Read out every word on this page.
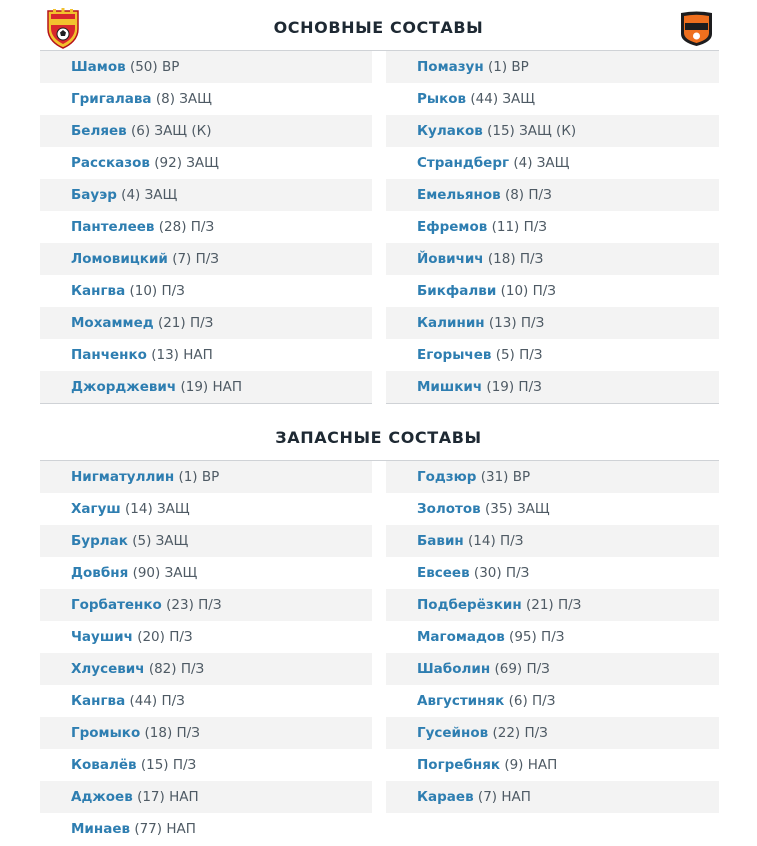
ОСНОВНЫЕ СОСТАВЫ
Шамов (50) ВР
Григалава (8) ЗАЩ
Беляев (6) ЗАЩ (К)
Рассказов (92) ЗАЩ
Бауэр (4) ЗАЩ
Пантелеев (28) П/З
Ломовицкий (7) П/З
Кангва (10) П/З
Мохаммед (21) П/З
Панченко (13) НАП
Джорджевич (19) НАП
Помазун (1) ВР
Рыков (44) ЗАЩ
Кулаков (15) ЗАЩ (К)
Страндберг (4) ЗАЩ
Емельянов (8) П/З
Ефремов (11) П/З
Йовичич (18) П/З
Бикфалви (10) П/З
Калинин (13) П/З
Егорычев (5) П/З
Мишкич (19) П/З
ЗАПАСНЫЕ СОСТАВЫ
Нигматуллин (1) ВР
Хагуш (14) ЗАЩ
Бурлак (5) ЗАЩ
Довбня (90) ЗАЩ
Горбатенко (23) П/З
Чаушич (20) П/З
Хлусевич (82) П/З
Кангва (44) П/З
Громыко (18) П/З
Ковалёв (15) П/З
Аджоев (17) НАП
Минаев (77) НАП
Годзюр (31) ВР
Золотов (35) ЗАЩ
Бавин (14) П/З
Евсеев (30) П/З
Подберёзкин (21) П/З
Магомадов (95) П/З
Шаболин (69) П/З
Августиняк (6) П/З
Гусейнов (22) П/З
Погребняк (9) НАП
Караев (7) НАП
